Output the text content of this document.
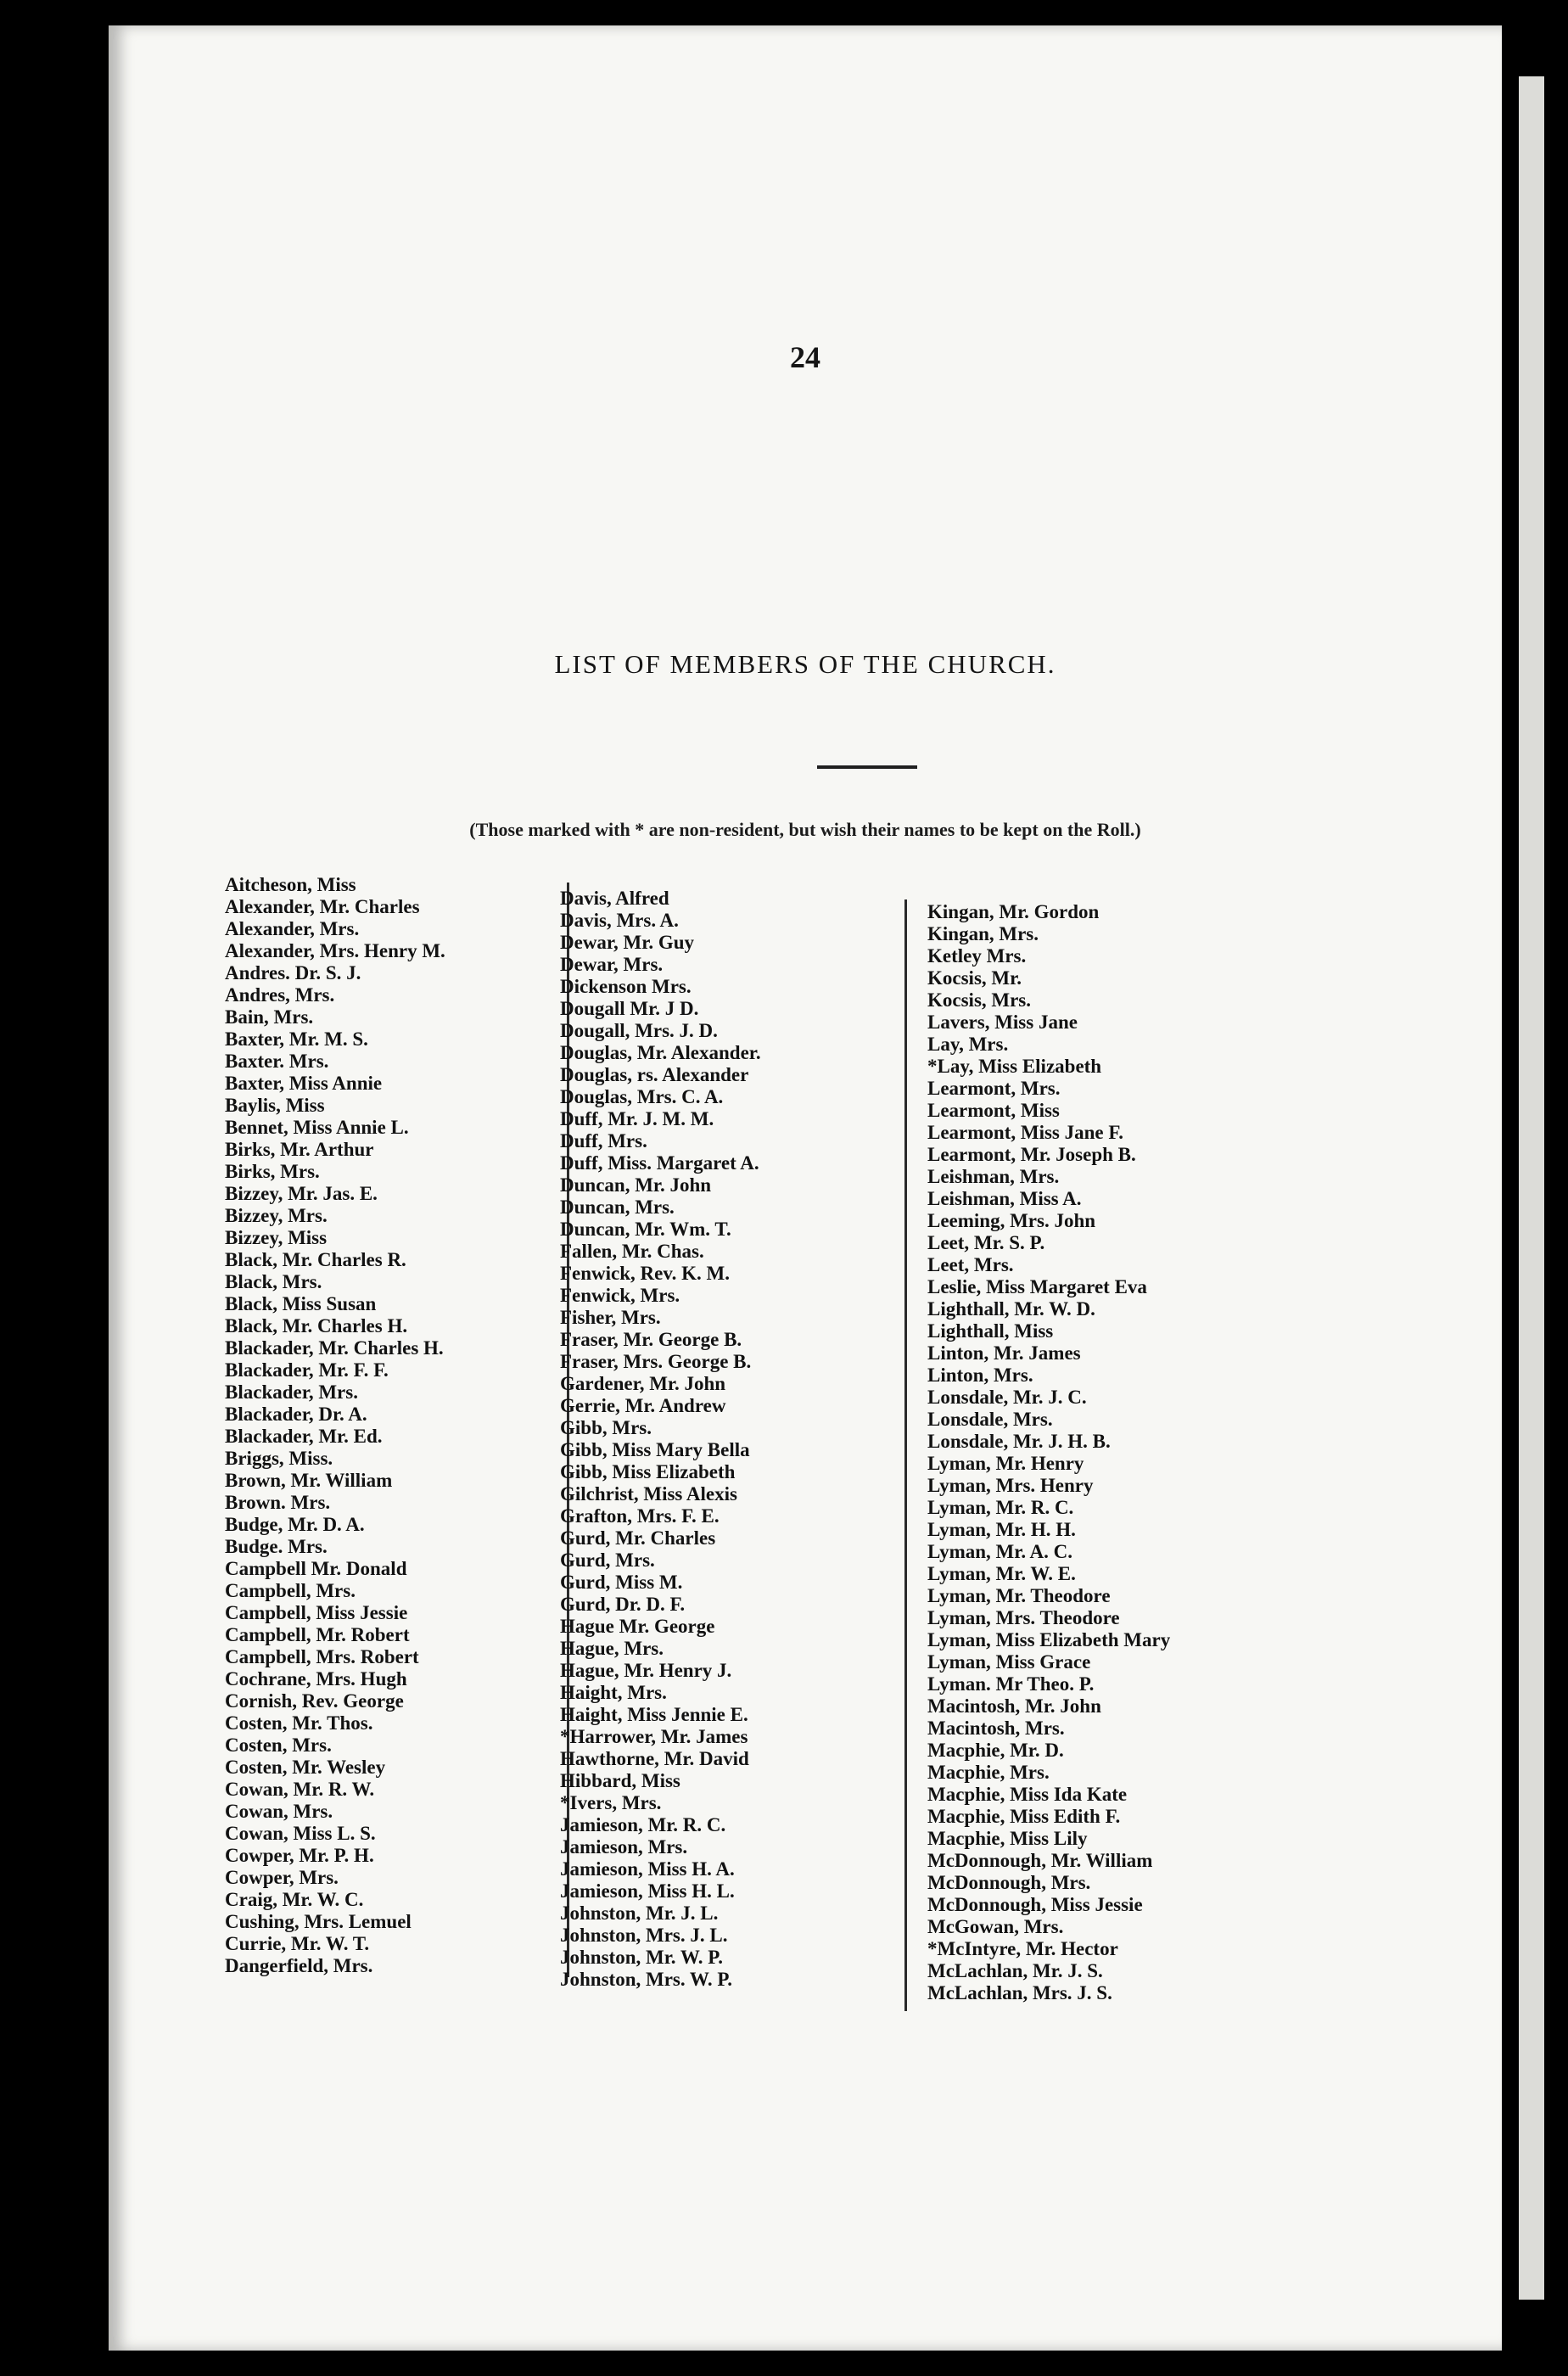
24
LIST OF MEMBERS OF THE CHURCH.
(Those marked with * are non-resident, but wish their names to be kept on the Roll.)
Aitcheson, Miss
Alexander, Mr. Charles
Alexander, Mrs.
Alexander, Mrs. Henry M.
Andres. Dr. S. J.
Andres, Mrs.
Bain, Mrs.
Baxter, Mr. M. S.
Baxter. Mrs.
Baxter, Miss Annie
Baylis, Miss
Bennet, Miss Annie L.
Birks, Mr. Arthur
Birks, Mrs.
Bizzey, Mr. Jas. E.
Bizzey, Mrs.
Bizzey, Miss
Black, Mr. Charles R.
Black, Mrs.
Black, Miss Susan
Black, Mr. Charles H.
Blackader, Mr. Charles H.
Blackader, Mr. F. F.
Blackader, Mrs.
Blackader, Dr. A.
Blackader, Mr. Ed.
Briggs, Miss.
Brown, Mr. William
Brown. Mrs.
Budge, Mr. D. A.
Budge. Mrs.
Campbell Mr. Donald
Campbell, Mrs.
Campbell, Miss Jessie
Campbell, Mr. Robert
Campbell, Mrs. Robert
Cochrane, Mrs. Hugh
Cornish, Rev. George
Costen, Mr. Thos.
Costen, Mrs.
Costen, Mr. Wesley
Cowan, Mr. R. W.
Cowan, Mrs.
Cowan, Miss L. S.
Cowper, Mr. P. H.
Cowper, Mrs.
Craig, Mr. W. C.
Cushing, Mrs. Lemuel
Currie, Mr. W. T.
Dangerfield, Mrs.
Davis, Alfred
Davis, Mrs. A.
Dewar, Mr. Guy
Dewar, Mrs.
Dickenson Mrs.
Dougall Mr. J D.
Dougall, Mrs. J. D.
Douglas, Mr. Alexander.
Douglas, rs. Alexander
Douglas, Mrs. C. A.
Duff, Mr. J. M. M.
Duff, Mrs.
Duff, Miss. Margaret A.
Duncan, Mr. John
Duncan, Mrs.
Duncan, Mr. Wm. T.
Fallen, Mr. Chas.
Fenwick, Rev. K. M.
Fenwick, Mrs.
Fisher, Mrs.
Fraser, Mr. George B.
Fraser, Mrs. George B.
Gardener, Mr. John
Gerrie, Mr. Andrew
Gibb, Mrs.
Gibb, Miss Mary Bella
Gibb, Miss Elizabeth
Gilchrist, Miss Alexis
Grafton, Mrs. F. E.
Gurd, Mr. Charles
Gurd, Mrs.
Gurd, Miss M.
Gurd, Dr. D. F.
Hague Mr. George
Hague, Mrs.
Hague, Mr. Henry J.
Haight, Mrs.
Haight, Miss Jennie E.
*Harrower, Mr. James
Hawthorne, Mr. David
Hibbard, Miss
*Ivers, Mrs.
Jamieson, Mr. R. C.
Jamieson, Mrs.
Jamieson, Miss H. A.
Jamieson, Miss H. L.
Johnston, Mr. J. L.
Johnston, Mrs. J. L.
Johnston, Mr. W. P.
Johnston, Mrs. W. P.
Kingan, Mr. Gordon
Kingan, Mrs.
Ketley Mrs.
Kocsis, Mr.
Kocsis, Mrs.
Lavers, Miss Jane
Lay, Mrs.
*Lay, Miss Elizabeth
Learmont, Mrs.
Learmont, Miss
Learmont, Miss Jane F.
Learmont, Mr. Joseph B.
Leishman, Mrs.
Leishman, Miss A.
Leeming, Mrs. John
Leet, Mr. S. P.
Leet, Mrs.
Leslie, Miss Margaret Eva
Lighthall, Mr. W. D.
Lighthall, Miss
Linton, Mr. James
Linton, Mrs.
Lonsdale, Mr. J. C.
Lonsdale, Mrs.
Lonsdale, Mr. J. H. B.
Lyman, Mr. Henry
Lyman, Mrs. Henry
Lyman, Mr. R. C.
Lyman, Mr. H. H.
Lyman, Mr. A. C.
Lyman, Mr. W. E.
Lyman, Mr. Theodore
Lyman, Mrs. Theodore
Lyman, Miss Elizabeth Mary
Lyman, Miss Grace
Lyman. Mr Theo. P.
Macintosh, Mr. John
Macintosh, Mrs.
Macphie, Mr. D.
Macphie, Mrs.
Macphie, Miss Ida Kate
Macphie, Miss Edith F.
Macphie, Miss Lily
McDonnough, Mr. William
McDonnough, Mrs.
McDonnough, Miss Jessie
McGowan, Mrs.
*McIntyre, Mr. Hector
McLachlan, Mr. J. S.
McLachlan, Mrs. J. S.
